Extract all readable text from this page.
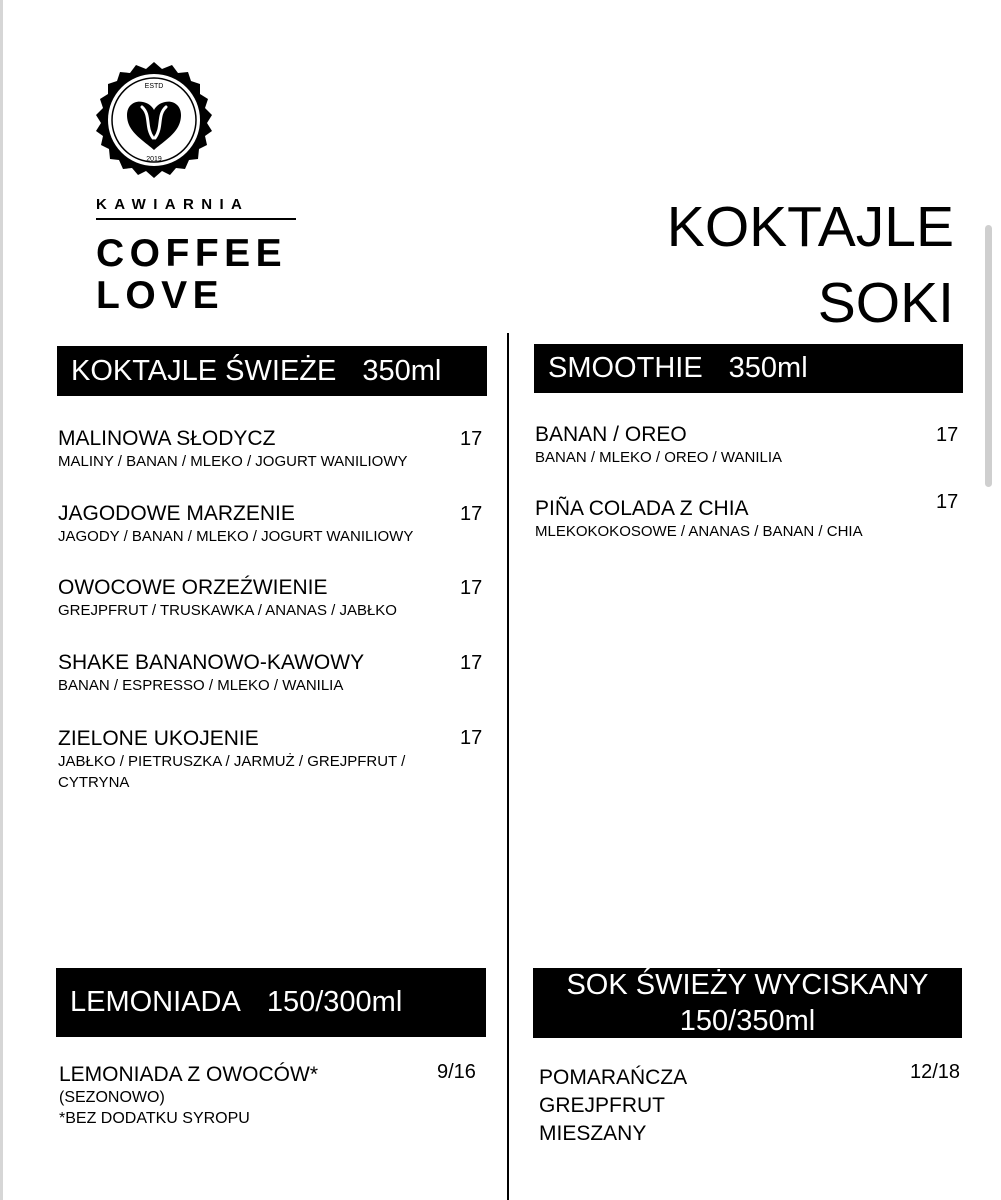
ESTD
2019
KAWIARNIA
COFFEE
LOVE
KOKTAJLE
SOKI
KOKTAJLE ŚWIEŻE 350ml
MALINOWA SŁODYCZ
MALINY / BANAN / MLEKO / JOGURT WANILIOWY
17
JAGODOWE MARZENIE
JAGODY / BANAN / MLEKO / JOGURT WANILIOWY
17
OWOCOWE ORZEŹWIENIE
GREJPFRUT / TRUSKAWKA / ANANAS / JABŁKO
17
SHAKE BANANOWO-KAWOWY
BANAN / ESPRESSO / MLEKO / WANILIA
17
ZIELONE UKOJENIE
JABŁKO / PIETRUSZKA / JARMUŻ / GREJPFRUT / CYTRYNA
17
SMOOTHIE 350ml
BANAN / OREO
BANAN / MLEKO / OREO / WANILIA
17
PIÑA COLADA Z CHIA
MLEKOKOKOSOWE / ANANAS / BANAN / CHIA
17
LEMONIADA 150/300ml
LEMONIADA Z OWOCÓW*
(SEZONOWO)
*BEZ DODATKU SYROPU
9/16
SOK ŚWIEŻY WYCISKANY
150/350ml
POMARAŃCZA
GREJPFRUT
MIESZANY
12/18
